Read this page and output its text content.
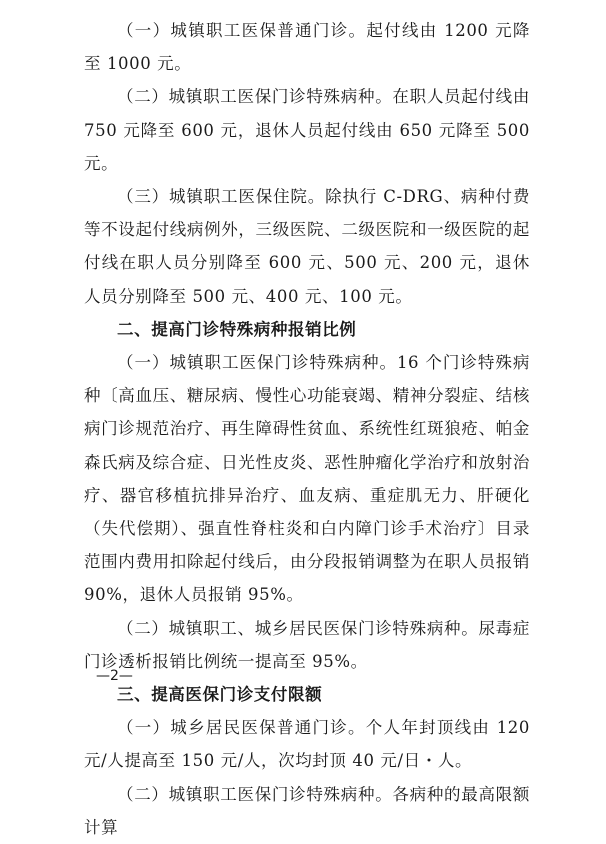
（一）城镇职工医保普通门诊。起付线由 1200 元降至 1000 元。

（二）城镇职工医保门诊特殊病种。在职人员起付线由 750 元降至 600 元，退休人员起付线由 650 元降至 500 元。

（三）城镇职工医保住院。除执行 C-DRG、病种付费等不设起付线病例外，三级医院、二级医院和一级医院的起付线在职人员分别降至 600 元、500 元、200 元，退休人员分别降至 500 元、400 元、100 元。

二、提高门诊特殊病种报销比例

（一）城镇职工医保门诊特殊病种。16 个门诊特殊病种〔高血压、糖尿病、慢性心功能衰竭、精神分裂症、结核病门诊规范治疗、再生障碍性贫血、系统性红斑狼疮、帕金森氏病及综合症、日光性皮炎、恶性肿瘤化学治疗和放射治疗、器官移植抗排异治疗、血友病、重症肌无力、肝硬化（失代偿期）、强直性脊柱炎和白内障门诊手术治疗〕目录范围内费用扣除起付线后，由分段报销调整为在职人员报销 90%，退休人员报销 95%。

（二）城镇职工、城乡居民医保门诊特殊病种。尿毒症门诊透析报销比例统一提高至 95%。

三、提高医保门诊支付限额

（一）城乡居民医保普通门诊。个人年封顶线由 120 元/人提高至 150 元/人，次均封顶 40 元/日・人。

（二）城镇职工医保门诊特殊病种。各病种的最高限额计算

—2—
